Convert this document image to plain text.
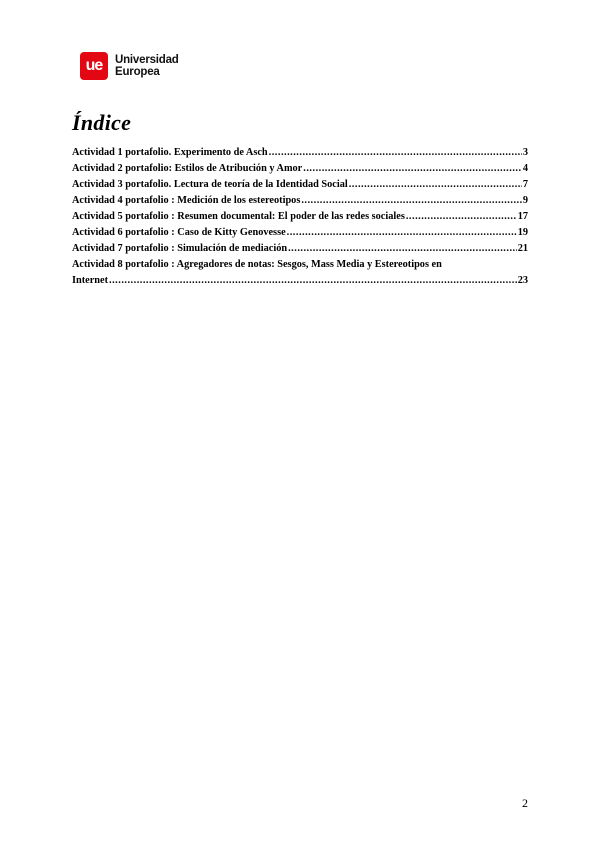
ue	Universidad
Europea
Índice
Actividad 1 portafolio. Experimento de Asch .....	3
Actividad 2 portafolio: Estilos de Atribución y Amor .....	4
Actividad 3 portafolio. Lectura de teoría de la Identidad Social .....	7
Actividad 4 portafolio : Medición de los estereotipos .....	9
Actividad 5 portafolio : Resumen documental: El poder de las redes sociales .....	17
Actividad 6 portafolio : Caso de Kitty Genovesse .....	19
Actividad 7 portafolio : Simulación de mediación .....	21
Actividad 8 portafolio : Agregadores de notas: Sesgos, Mass Media y Estereotipos en
Internet .....	23
2
